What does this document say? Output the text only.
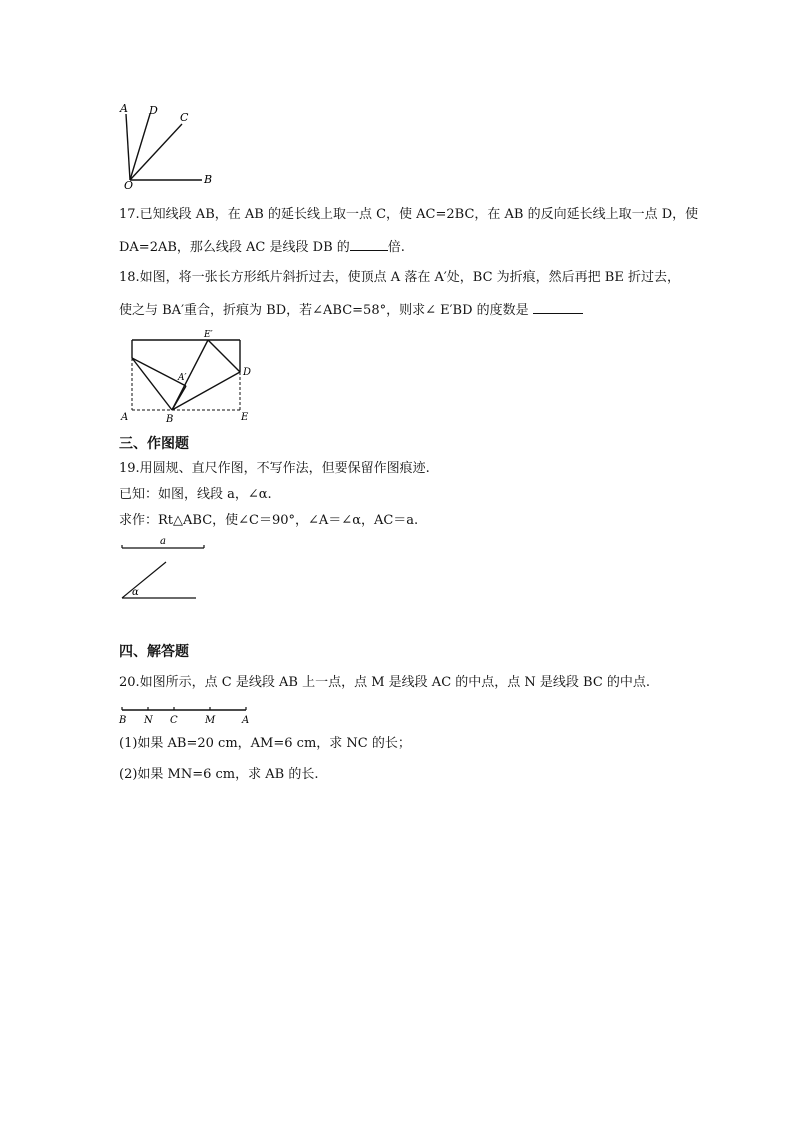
A D
C
O	B
17.已知线段 AB，在 AB 的延长线上取一点 C，使 AC=2BC，在 AB 的反向延长线上取一点 D，使
DA=2AB，那么线段 AC 是线段 DB 的	倍.
18.如图，将一张长方形纸片斜折过去，使顶点 A 落在 A′处，BC 为折痕，然后再把 BE 折过去，
使之与 BA′重合，折痕为 BD，若∠ABC=58°，则求∠ E′BD 的度数是
E′
A′	D
A	B	E
三、作图题
19.用圆规、直尺作图，不写作法，但要保留作图痕迹.
已知：如图，线段 a，∠α.
求作：Rt△ABC，使∠C＝90°，∠A＝∠α，AC＝a.
a
α
四、解答题
20.如图所示，点 C 是线段 AB 上一点，点 M 是线段 AC 的中点，点 N 是线段 BC 的中点.
B N C	M	A
(1)如果 AB=20 cm，AM=6 cm，求 NC 的长；
(2)如果 MN=6 cm，求 AB 的长.
